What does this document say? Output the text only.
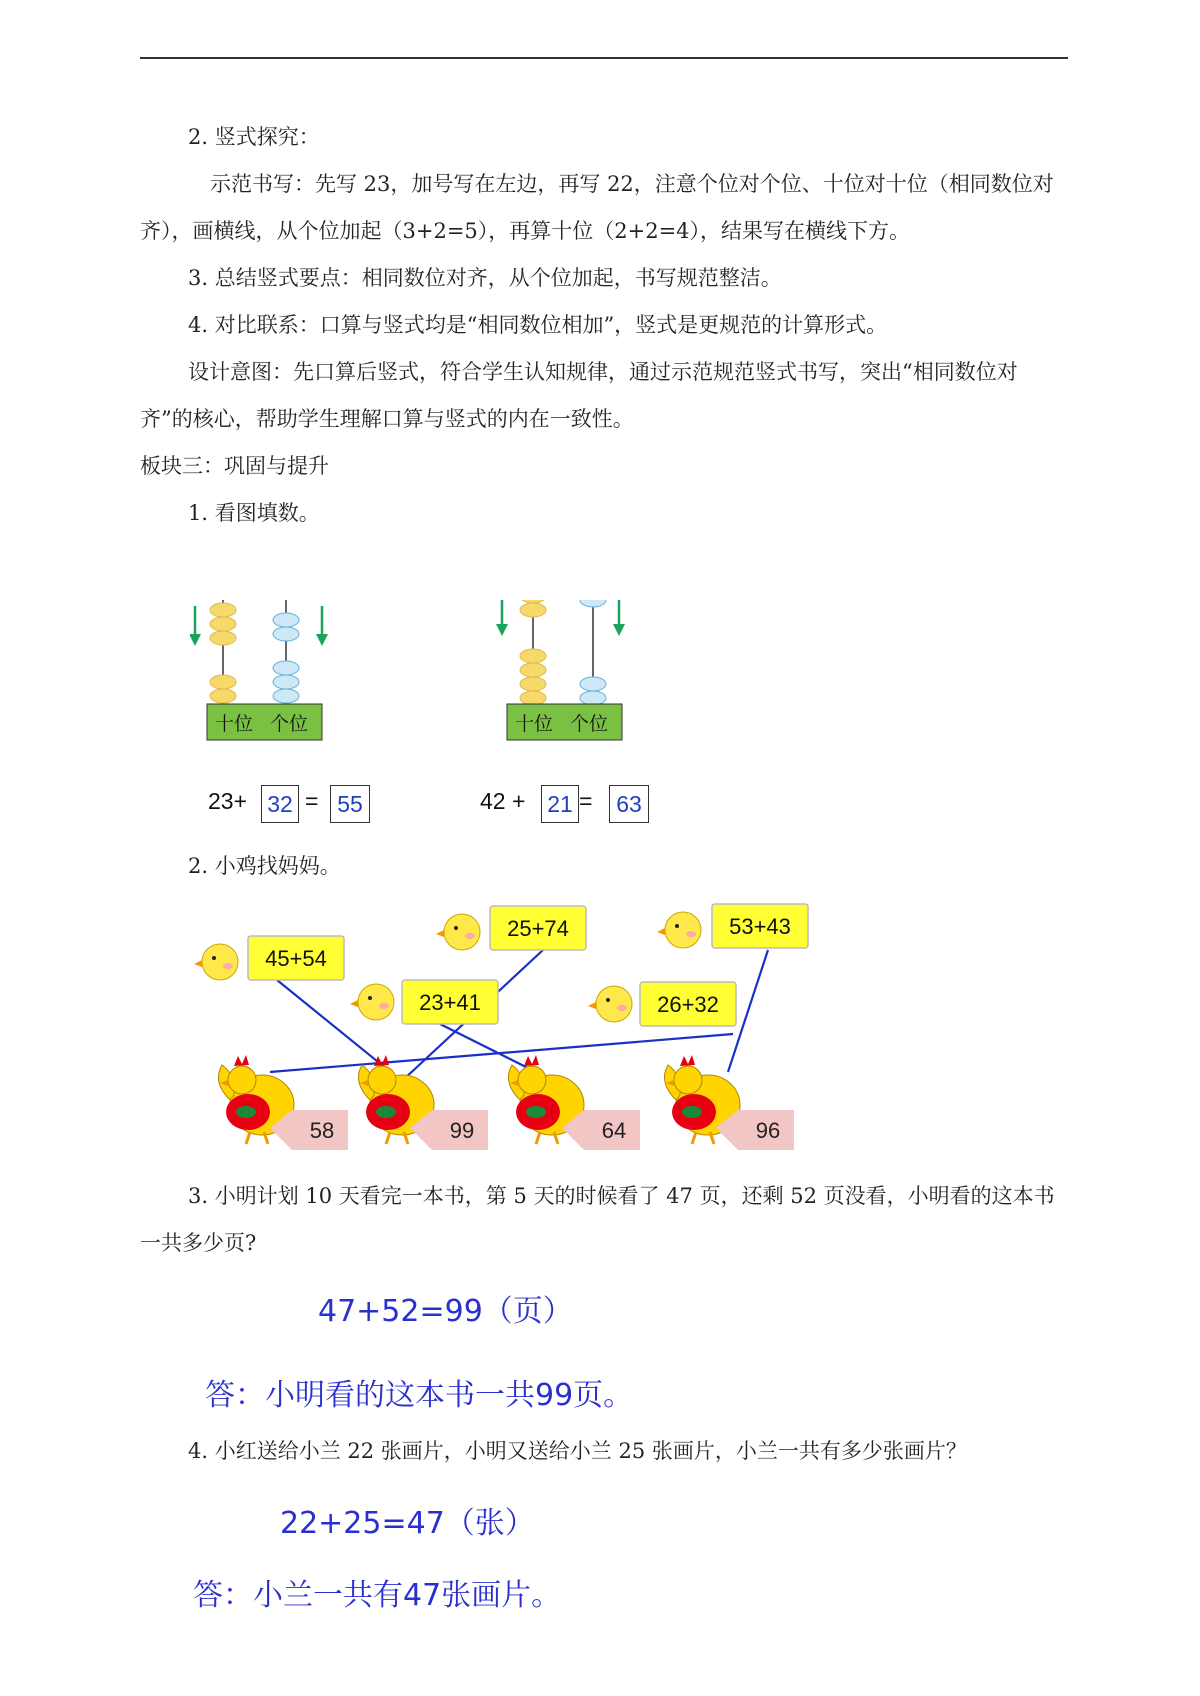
2. 竖式探究：

示范书写：先写 23，加号写在左边，再写 22，注意个位对个位、十位对十位（相同数位对齐），画横线，从个位加起（3+2=5），再算十位（2+2=4），结果写在横线下方。

3. 总结竖式要点：相同数位对齐，从个位加起，书写规范整洁。

4. 对比联系：口算与竖式均是“相同数位相加”，竖式是更规范的计算形式。

设计意图：先口算后竖式，符合学生认知规律，通过示范规范竖式书写，突出“相同数位对齐”的核心，帮助学生理解口算与竖式的内在一致性。

板块三：巩固与提升

1. 看图填数。

十位 个位	十位 个位
23+ 32 = 55	42 + 21 =	63

2. 小鸡找妈妈。

45+54
25+74	53+43
23+41	26+32
58	99	64	96

3. 小明计划 10 天看完一本书，第 5 天的时候看了 47 页，还剩 52 页没看，小明看的这本书一共多少页?

47+52=99（页）
答：小明看的这本书一共99页。

4. 小红送给小兰 22 张画片，小明又送给小兰 25 张画片，小兰一共有多少张画片？

22+25=47（张）
答：小兰一共有47张画片。
